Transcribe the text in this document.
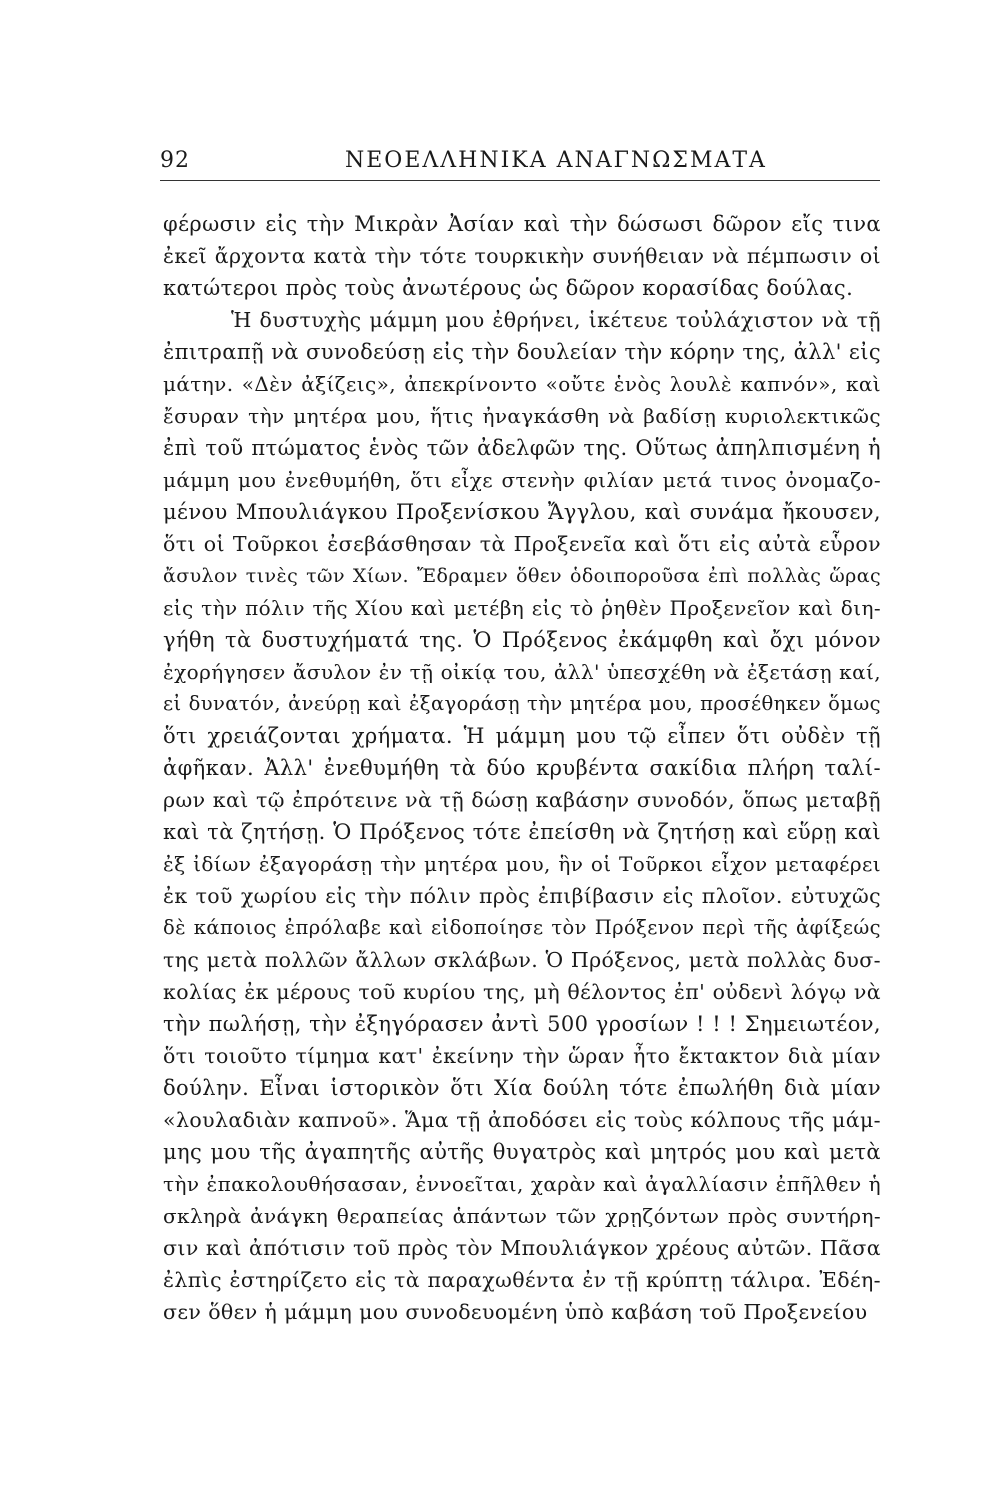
92	ΝΕΟΕΛΛΗΝΙΚΑ ΑΝΑΓΝΩΣΜΑΤΑ
φέρωσιν εἰς τὴν Μικρὰν Ἀσίαν καὶ τὴν δώσωσι δῶρον εἴς τινα
ἐκεῖ ἄρχοντα κατὰ τὴν τότε τουρκικὴν συνήθειαν νὰ πέμπωσιν οἱ
κατώτεροι πρὸς τοὺς ἀνωτέρους ὡς δῶρον κορασίδας δούλας.
Ἡ δυστυχὴς μάμμη μου ἐθρήνει, ἱκέτευε τοὐλάχιστον νὰ τῇ
ἐπιτραπῇ νὰ συνοδεύσῃ εἰς τὴν δουλείαν τὴν κόρην της, ἀλλ' εἰς
μάτην. «Δὲν ἀξίζεις», ἀπεκρίνοντο «οὔτε ἑνὸς λουλὲ καπνόν», καὶ
ἔσυραν τὴν μητέρα μου, ἥτις ἠναγκάσθη νὰ βαδίσῃ κυριολεκτικῶς
ἐπὶ τοῦ πτώματος ἑνὸς τῶν ἀδελφῶν της. Οὕτως ἀπηλπισμένη ἡ
μάμμη μου ἐνεθυμήθη, ὅτι εἶχε στενὴν φιλίαν μετά τινος ὀνομαζο-
μένου Μπουλιάγκου Προξενίσκου Ἄγγλου, καὶ συνάμα ἤκουσεν,
ὅτι οἱ Τοῦρκοι ἐσεβάσθησαν τὰ Προξενεῖα καὶ ὅτι εἰς αὐτὰ εὗρον
ἄσυλον τινὲς τῶν Χίων. Ἔδραμεν ὅθεν ὁδοιποροῦσα ἐπὶ πολλὰς ὥρας
εἰς τὴν πόλιν τῆς Χίου καὶ μετέβη εἰς τὸ ῥηθὲν Προξενεῖον καὶ διη-
γήθη τὰ δυστυχήματά της. Ὁ Πρόξενος ἐκάμφθη καὶ ὄχι μόνον
ἐχορήγησεν ἄσυλον ἐν τῇ οἰκίᾳ του, ἀλλ' ὑπεσχέθη νὰ ἐξετάσῃ καί,
εἰ δυνατόν, ἀνεύρῃ καὶ ἐξαγοράσῃ τὴν μητέρα μου, προσέθηκεν ὅμως
ὅτι χρειάζονται χρήματα. Ἡ μάμμη μου τῷ εἶπεν ὅτι οὐδὲν τῇ
ἀφῆκαν. Ἀλλ' ἐνεθυμήθη τὰ δύο κρυβέντα σακίδια πλήρη ταλί-
ρων καὶ τῷ ἐπρότεινε νὰ τῇ δώσῃ καβάσην συνοδόν, ὅπως μεταβῇ
καὶ τὰ ζητήσῃ. Ὁ Πρόξενος τότε ἐπείσθη νὰ ζητήσῃ καὶ εὕρῃ καὶ
ἐξ ἰδίων ἐξαγοράσῃ τὴν μητέρα μου, ἣν οἱ Τοῦρκοι εἶχον μεταφέρει
ἐκ τοῦ χωρίου εἰς τὴν πόλιν πρὸς ἐπιβίβασιν εἰς πλοῖον. εὐτυχῶς
δὲ κάποιος ἐπρόλαβε καὶ εἰδοποίησε τὸν Πρόξενον περὶ τῆς ἀφίξεώς
της μετὰ πολλῶν ἄλλων σκλάβων. Ὁ Πρόξενος, μετὰ πολλὰς δυσ-
κολίας ἐκ μέρους τοῦ κυρίου της, μὴ θέλοντος ἐπ' οὐδενὶ λόγῳ νὰ
τὴν πωλήσῃ, τὴν ἐξηγόρασεν ἀντὶ 500 γροσίων ! ! ! Σημειωτέον,
ὅτι τοιοῦτο τίμημα κατ' ἐκείνην τὴν ὥραν ἦτο ἔκτακτον διὰ μίαν
δούλην. Εἶναι ἱστορικὸν ὅτι Χία δούλη τότε ἐπωλήθη διὰ μίαν
«λουλαδιὰν καπνοῦ». Ἅμα τῇ ἀποδόσει εἰς τοὺς κόλπους τῆς μάμ-
μης μου τῆς ἀγαπητῆς αὐτῆς θυγατρὸς καὶ μητρός μου καὶ μετὰ
τὴν ἐπακολουθήσασαν, ἐννοεῖται, χαρὰν καὶ ἀγαλλίασιν ἐπῆλθεν ἡ
σκληρὰ ἀνάγκη θεραπείας ἁπάντων τῶν χρῃζόντων πρὸς συντήρη-
σιν καὶ ἀπότισιν τοῦ πρὸς τὸν Μπουλιάγκον χρέους αὐτῶν. Πᾶσα
ἐλπὶς ἐστηρίζετο εἰς τὰ παραχωθέντα ἐν τῇ κρύπτῃ τάλιρα. Ἐδέη-
σεν ὅθεν ἡ μάμμη μου συνοδευομένη ὑπὸ καβάση τοῦ Προξενείου
